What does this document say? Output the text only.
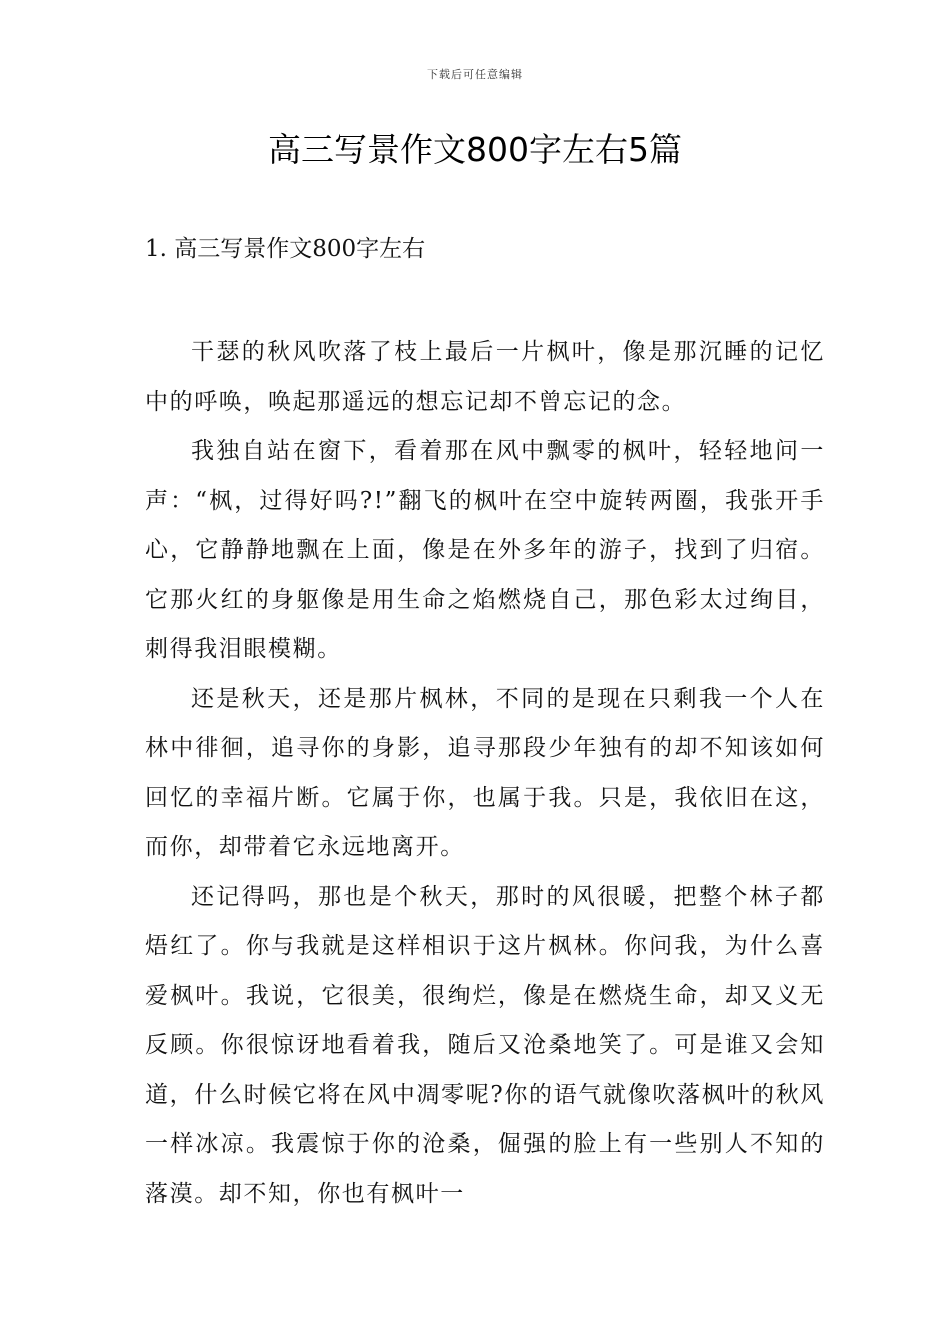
下载后可任意编辑
高三写景作文800字左右5篇
1. 高三写景作文800字左右

干瑟的秋风吹落了枝上最后一片枫叶，像是那沉睡的记忆中的呼唤，唤起那遥远的想忘记却不曾忘记的念。

我独自站在窗下，看着那在风中飘零的枫叶，轻轻地问一声：“枫，过得好吗?!”翻飞的枫叶在空中旋转两圈，我张开手心，它静静地飘在上面，像是在外多年的游子，找到了归宿。它那火红的身躯像是用生命之焰燃烧自己，那色彩太过绚目，刺得我泪眼模糊。

还是秋天，还是那片枫林，不同的是现在只剩我一个人在林中徘徊，追寻你的身影，追寻那段少年独有的却不知该如何回忆的幸福片断。它属于你，也属于我。只是，我依旧在这，而你，却带着它永远地离开。

还记得吗，那也是个秋天，那时的风很暖，把整个林子都焐红了。你与我就是这样相识于这片枫林。你问我，为什么喜爱枫叶。我说，它很美，很绚烂，像是在燃烧生命，却又义无反顾。你很惊讶地看着我，随后又沧桑地笑了。可是谁又会知道，什么时候它将在风中凋零呢?你的语气就像吹落枫叶的秋风一样冰凉。我震惊于你的沧桑，倔强的脸上有一些别人不知的落漠。却不知，你也有枫叶一
